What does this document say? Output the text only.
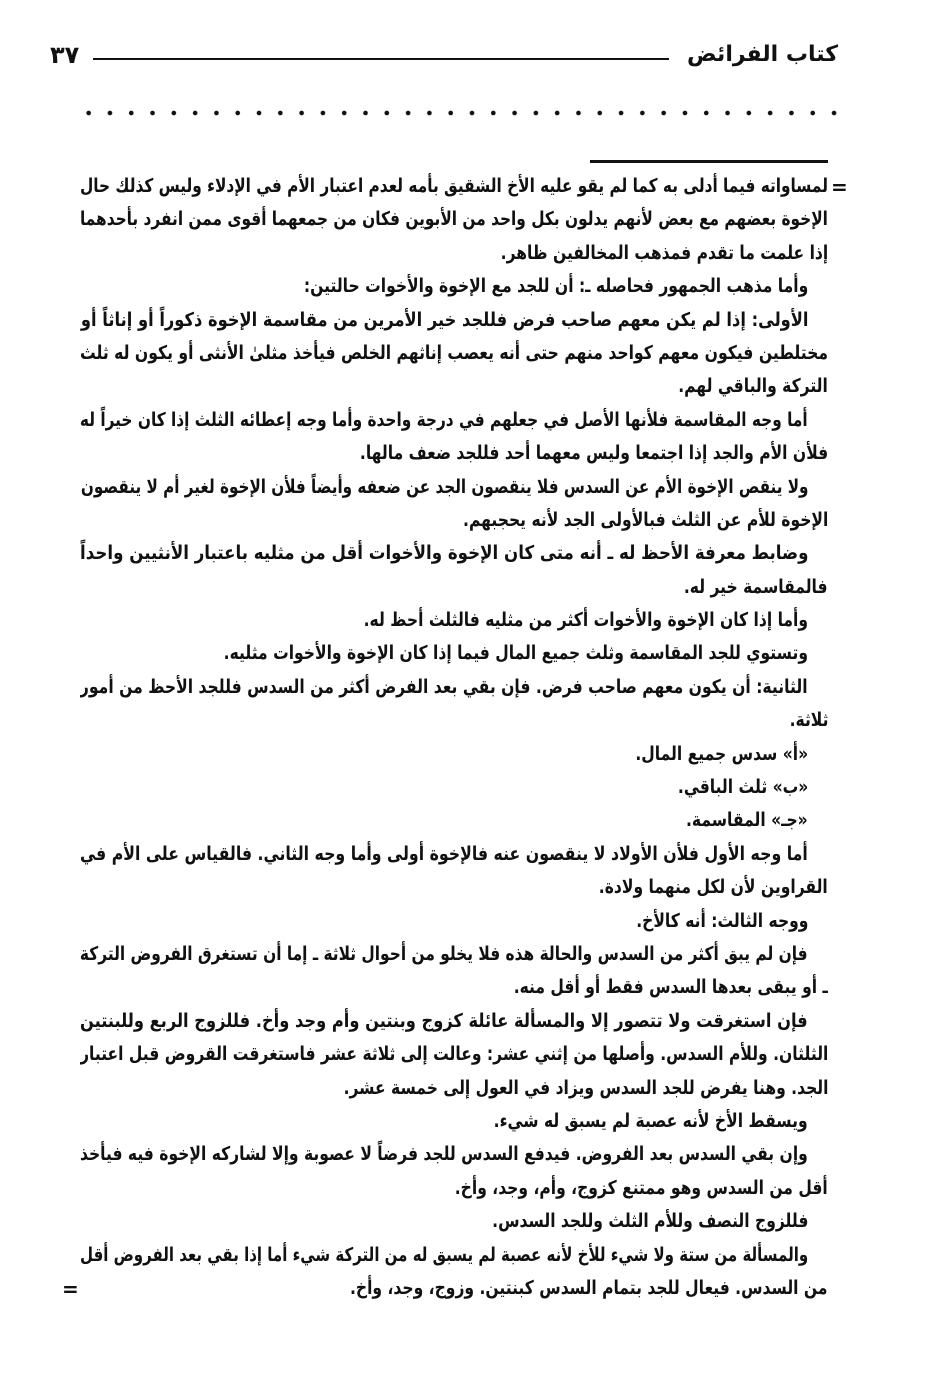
٣٧	كتاب الفرائض
=
=
لمساواته فيما أدلى به كما لم يقو عليه الأخ الشقيق بأمه لعدم اعتبار الأم في الإدلاء وليس كذلك حال
الإخوة بعضهم مع بعض لأنهم يدلون بكل واحد من الأبوين فكان من جمعهما أقوى ممن انفرد بأحدهما
إذا علمت ما تقدم فمذهب المخالفين ظاهر.
وأما مذهب الجمهور فحاصله ـ: أن للجد مع الإخوة والأخوات حالتين:
الأولى: إذا لم يكن معهم صاحب فرض فللجد خير الأمرين من مقاسمة الإخوة ذكوراً أو إناثاً أو
مختلطين فيكون معهم كواحد منهم حتى أنه يعصب إناثهم الخلص فيأخذ مثلىٰ الأنثى أو يكون له ثلث
التركة والباقي لهم.
أما وجه المقاسمة فلأنها الأصل في جعلهم في درجة واحدة وأما وجه إعطائه الثلث إذا كان خيراً له
فلأن الأم والجد إذا اجتمعا وليس معهما أحد فللجد ضعف مالها.
ولا ينقص الإخوة الأم عن السدس فلا ينقصون الجد عن ضعفه وأيضاً فلأن الإخوة لغير أم لا ينقصون
الإخوة للأم عن الثلث فبالأولى الجد لأنه يحجبهم.
وضابط معرفة الأحظ له ـ أنه متى كان الإخوة والأخوات أقل من مثليه باعتبار الأنثيين واحداً
فالمقاسمة خير له.
وأما إذا كان الإخوة والأخوات أكثر من مثليه فالثلث أحظ له.
وتستوي للجد المقاسمة وثلث جميع المال فيما إذا كان الإخوة والأخوات مثليه.
الثانية: أن يكون معهم صاحب فرض. فإن بقي بعد الفرض أكثر من السدس فللجد الأحظ من أمور
ثلاثة.
«أ» سدس جميع المال.
«ب» ثلث الباقي.
«جـ» المقاسمة.
أما وجه الأول فلأن الأولاد لا ينقصون عنه فالإخوة أولى وأما وجه الثاني. فالقياس على الأم في
القراوين لأن لكل منهما ولادة.
ووجه الثالث: أنه كالأخ.
فإن لم يبق أكثر من السدس والحالة هذه فلا يخلو من أحوال ثلاثة ـ إما أن تستغرق الفروض التركة
ـ أو يبقى بعدها السدس فقط أو أقل منه.
فإن استغرقت ولا تتصور إلا والمسألة عائلة كزوج وبنتين وأم وجد وأخ. فللزوج الربع وللبنتين
الثلثان. وللأم السدس. وأصلها من إثني عشر: وعالت إلى ثلاثة عشر فاستغرقت القروض قبل اعتبار
الجد. وهنا يفرض للجد السدس ويزاد في العول إلى خمسة عشر.
ويسقط الأخ لأنه عصبة لم يسبق له شيء.
وإن بقي السدس بعد الفروض. فيدفع السدس للجد فرضاً لا عصوبة وإلا لشاركه الإخوة فيه فيأخذ
أقل من السدس وهو ممتنع كزوج، وأم، وجد، وأخ.
فللزوج النصف وللأم الثلث وللجد السدس.
والمسألة من ستة ولا شيء للأخ لأنه عصبة لم يسبق له من التركة شيء أما إذا بقي بعد الفروض أقل
من السدس. فيعال للجد بتمام السدس كبنتين. وزوج، وجد، وأخ.
